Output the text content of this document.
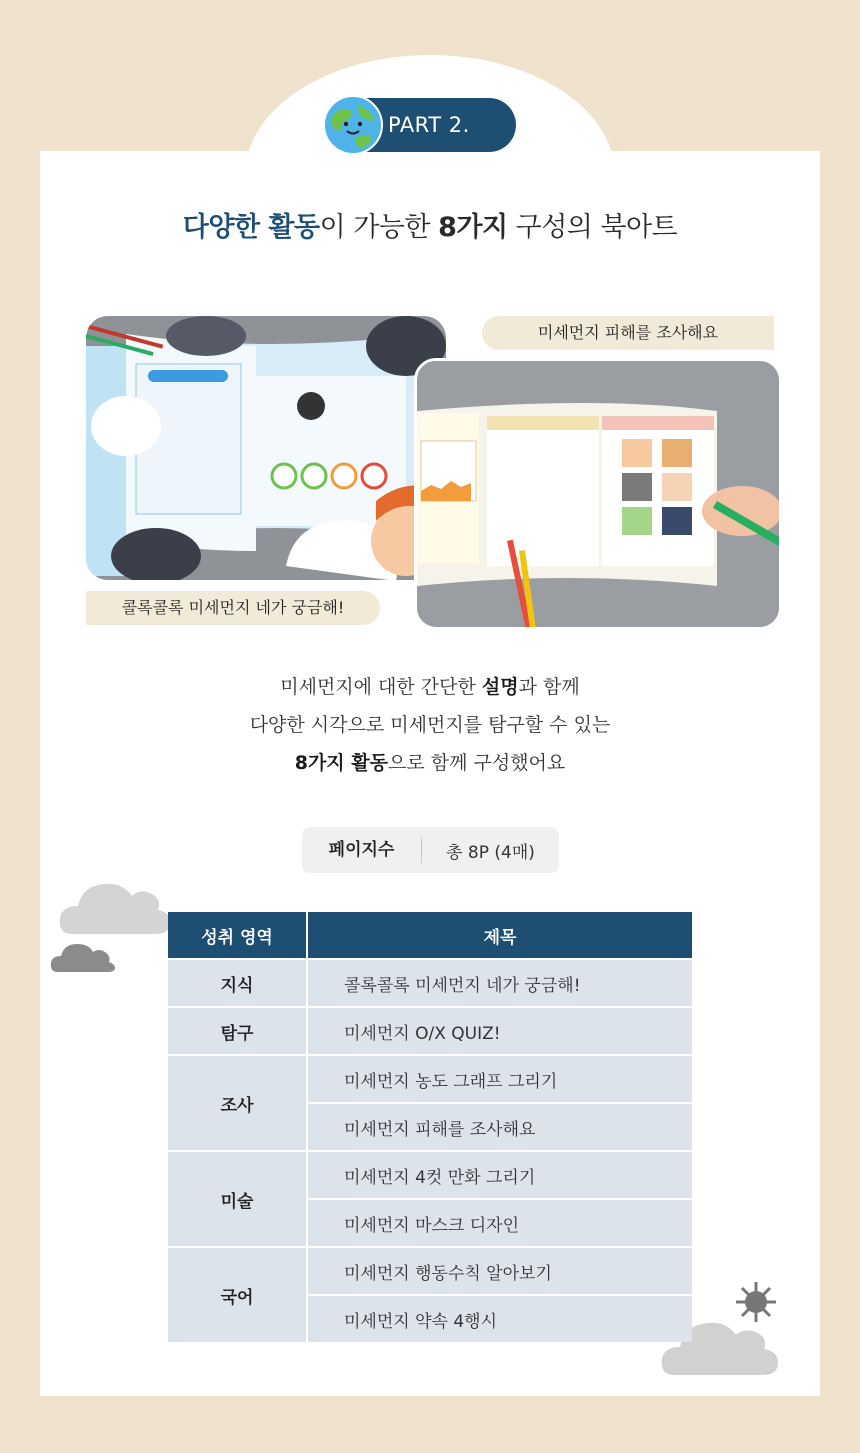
PART 2.
다양한 활동이 가능한 8가지 구성의 북아트
미세먼지 피해를 조사해요
콜록콜록 미세먼지 네가 궁금해!
미세먼지에 대한 간단한 설명과 함께
다양한 시각으로 미세먼지를 탐구할 수 있는
8가지 활동으로 함께 구성했어요
페이지수	총 8P (4매)
성취 영역	제목
지식	콜록콜록 미세먼지 네가 궁금해!
탐구	미세먼지 O/X QUIZ!
조사	미세먼지 농도 그래프 그리기
	미세먼지 피해를 조사해요
미술	미세먼지 4컷 만화 그리기
	미세먼지 마스크 디자인
국어	미세먼지 행동수칙 알아보기
	미세먼지 약속 4행시
